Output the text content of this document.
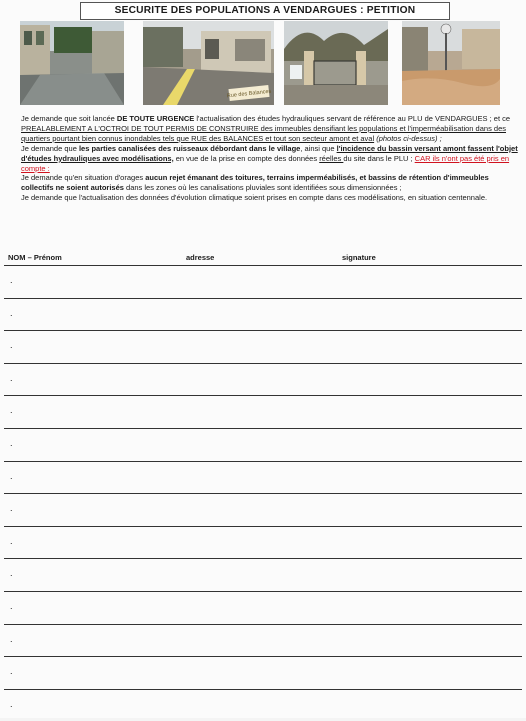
SECURITE DES POPULATIONS A VENDARGUES : PETITION
Rue des Balances

Je demande que soit lancée DE TOUTE URGENCE l'actualisation des études hydrauliques servant de référence au PLU de VENDARGUES ; et ce PREALABLEMENT A L'OCTROI DE TOUT PERMIS DE CONSTRUIRE des immeubles densifiant les populations et l'imperméabilisation dans des quartiers pourtant bien connus inondables tels que RUE des BALANCES et tout son secteur amont et aval (photos ci-dessus) ;

Je demande que les parties canalisées des ruisseaux débordant dans le village, ainsi que l'incidence du bassin versant amont fassent l'objet d'études hydrauliques avec modélisations, en vue de la prise en compte des données réelles du site dans le PLU ; CAR ils n'ont pas été pris en compte :

Je demande qu'en situation d'orages aucun rejet émanant des toitures, terrains imperméabilisés, et bassins de rétention d'immeubles collectifs ne soient autorisés dans les zones où les canalisations pluviales sont identifiées sous dimensionnées ;

Je demande que l'actualisation des données d'évolution climatique soient prises en compte dans ces modélisations, en situation centennale.

NOM – Prénom	adresse	signature
.
.
.
.
.
.
.
.
.
.
.
.
.
.
